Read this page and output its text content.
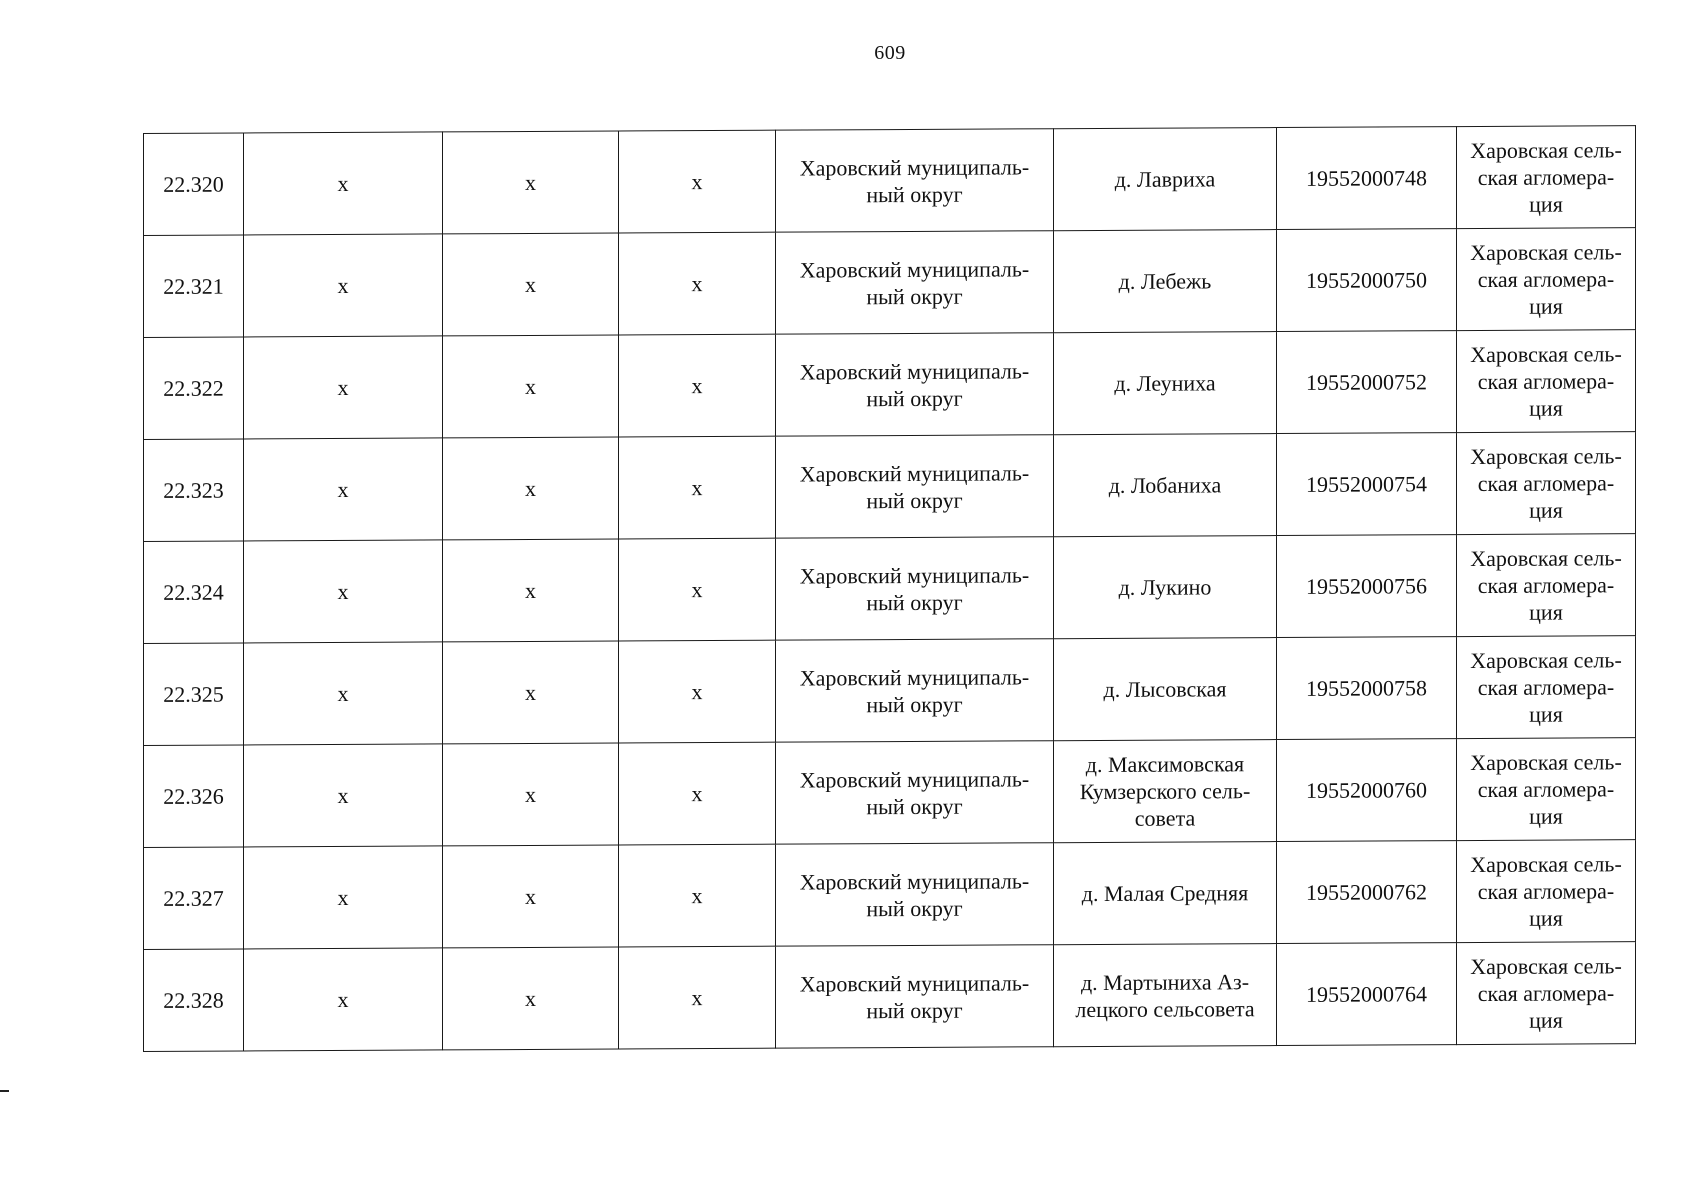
609
22.320	x	x	x	Харовский муниципаль-ный округ	д. Лавриха	19552000748	Харовская сель-ская агломера-ция
22.321	x	x	x	Харовский муниципаль-ный округ	д. Лебежь	19552000750	Харовская сель-ская агломера-ция
22.322	x	x	x	Харовский муниципаль-ный округ	д. Леуниха	19552000752	Харовская сель-ская агломера-ция
22.323	x	x	x	Харовский муниципаль-ный округ	д. Лобаниха	19552000754	Харовская сель-ская агломера-ция
22.324	x	x	x	Харовский муниципаль-ный округ	д. Лукино	19552000756	Харовская сель-ская агломера-ция
22.325	x	x	x	Харовский муниципаль-ный округ	д. Лысовская	19552000758	Харовская сель-ская агломера-ция
22.326	x	x	x	Харовский муниципаль-ный округ	д. Максимовская Кумзерского сель-совета	19552000760	Харовская сель-ская агломера-ция
22.327	x	x	x	Харовский муниципаль-ный округ	д. Малая Средняя	19552000762	Харовская сель-ская агломера-ция
22.328	x	x	x	Харовский муниципаль-ный округ	д. Мартыниха Аз-лецкого сельсовета	19552000764	Харовская сель-ская агломера-ция
